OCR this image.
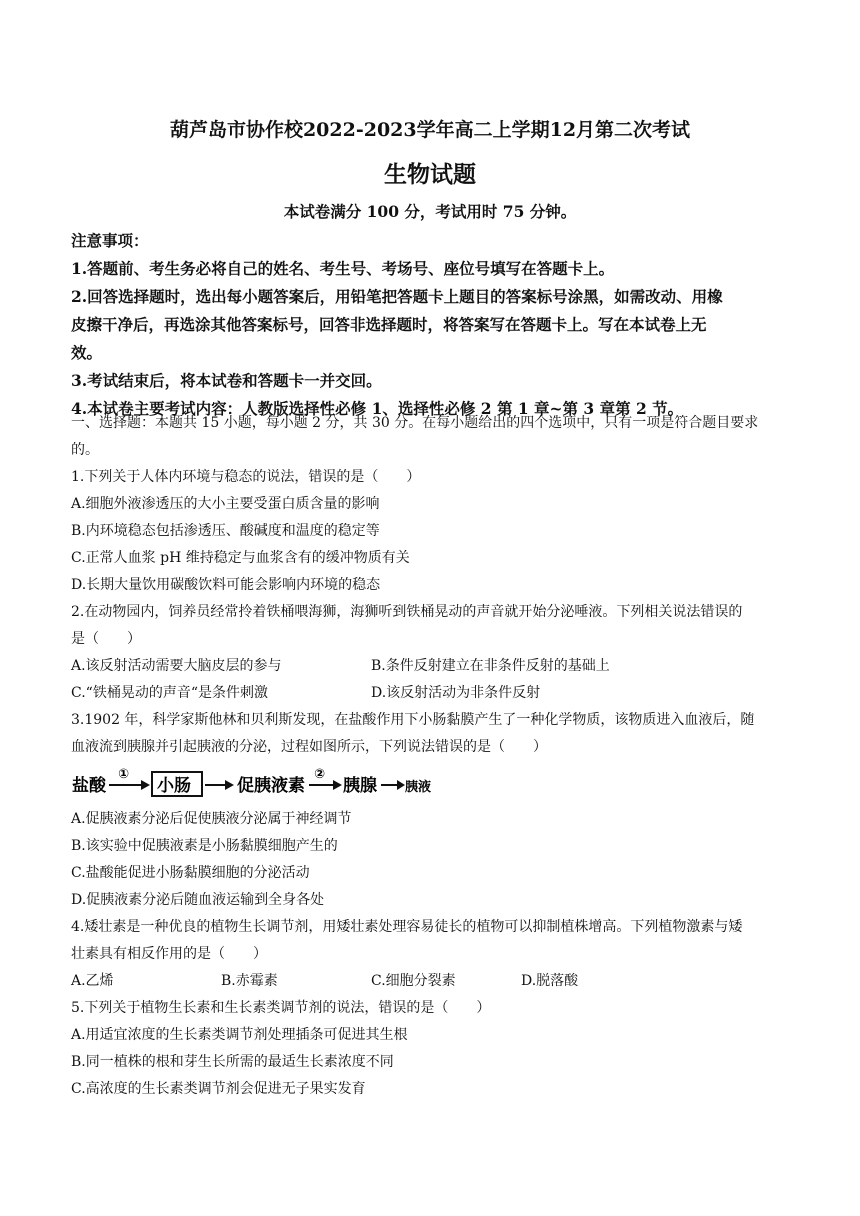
葫芦岛市协作校2022-2023学年高二上学期12月第二次考试
生物试题
本试卷满分 100 分，考试用时 75 分钟。
注意事项：
1.答题前、考生务必将自己的姓名、考生号、考场号、座位号填写在答题卡上。
2.回答选择题时，选出每小题答案后，用铅笔把答题卡上题目的答案标号涂黑，如需改动、用橡
皮擦干净后，再选涂其他答案标号，回答非选择题时，将答案写在答题卡上。写在本试卷上无
效。
3.考试结束后，将本试卷和答题卡一并交回。
4.本试卷主要考试内容：人教版选择性必修 1、选择性必修 2 第 1 章~第 3 章第 2 节。
一、选择题：本题共 15 小题，每小题 2 分，共 30 分。在每小题给出的四个选项中，只有一项是符合题目要求
的。
1.下列关于人体内环境与稳态的说法，错误的是（　　）
A.细胞外液渗透压的大小主要受蛋白质含量的影响
B.内环境稳态包括渗透压、酸碱度和温度的稳定等
C.正常人血浆 pH 维持稳定与血浆含有的缓冲物质有关
D.长期大量饮用碳酸饮料可能会影响内环境的稳态
2.在动物园内，饲养员经常拎着铁桶喂海狮，海狮听到铁桶晃动的声音就开始分泌唾液。下列相关说法错误的
是（　　）
A.该反射活动需要大脑皮层的参与	B.条件反射建立在非条件反射的基础上
C.“铁桶晃动的声音“是条件刺激	D.该反射活动为非条件反射
3.1902 年，科学家斯他林和贝利斯发现，在盐酸作用下小肠黏膜产生了一种化学物质，该物质进入血液后，随
血液流到胰腺并引起胰液的分泌，过程如图所示，下列说法错误的是（　　）
盐酸
①
小肠	促胰液素
②
胰腺 胰液
A.促胰液素分泌后促使胰液分泌属于神经调节
B.该实验中促胰液素是小肠黏膜细胞产生的
C.盐酸能促进小肠黏膜细胞的分泌活动
D.促胰液素分泌后随血液运输到全身各处
4.矮壮素是一种优良的植物生长调节剂，用矮壮素处理容易徒长的植物可以抑制植株增高。下列植物激素与矮
壮素具有相反作用的是（　　）
A.乙烯	B.赤霉素	C.细胞分裂素	D.脱落酸
5.下列关于植物生长素和生长素类调节剂的说法，错误的是（　　）
A.用适宜浓度的生长素类调节剂处理插条可促进其生根
B.同一植株的根和芽生长所需的最适生长素浓度不同
C.高浓度的生长素类调节剂会促进无子果实发育
